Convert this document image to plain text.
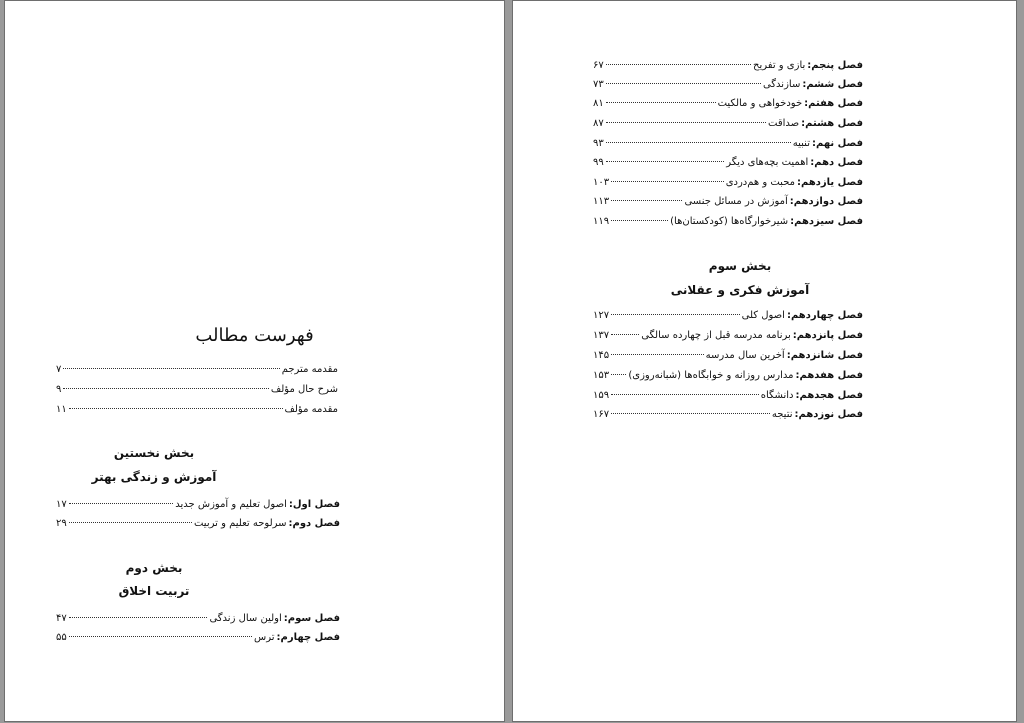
فهرست مطالب
مقدمه مترجم
۷
شرح حال مؤلف
۹
مقدمه مؤلف
۱۱
بخش نخستین
آموزش و زندگی بهتر
فصل اول:
اصول تعلیم و آموزش جدید
۱۷
فصل دوم:
سرلوحه تعلیم و تربیت
۲۹
بخش دوم
تربیت اخلاق
فصل سوم:
اولین سال زندگی
۴۷
فصل چهارم:
ترس
۵۵
فصل پنجم:
بازی و تفریح
۶۷
فصل ششم:
سازندگی
۷۳
فصل هفتم:
خودخواهی و مالکیت
۸۱
فصل هشتم:
صداقت
۸۷
فصل نهم:
تنبیه
۹۳
فصل دهم:
اهمیت بچه‌های دیگر
۹۹
فصل یازدهم:
محبت و هم‌دردی
۱۰۳
فصل دوازدهم:
آموزش در مسائل جنسی
۱۱۳
فصل سیزدهم:
شیرخوارگاه‌ها (کودکستان‌ها)
۱۱۹
بخش سوم
آموزش فکری و عقلانی
فصل چهاردهم:
اصول کلی
۱۲۷
فصل پانزدهم:
برنامه مدرسه قبل از چهارده سالگی
۱۳۷
فصل شانزدهم:
آخرین سال مدرسه
۱۴۵
فصل هفدهم:
مدارس روزانه و خوابگاه‌ها (شبانه‌روزی)
۱۵۳
فصل هجدهم:
دانشگاه
۱۵۹
فصل نوزدهم:
نتیجه
۱۶۷
